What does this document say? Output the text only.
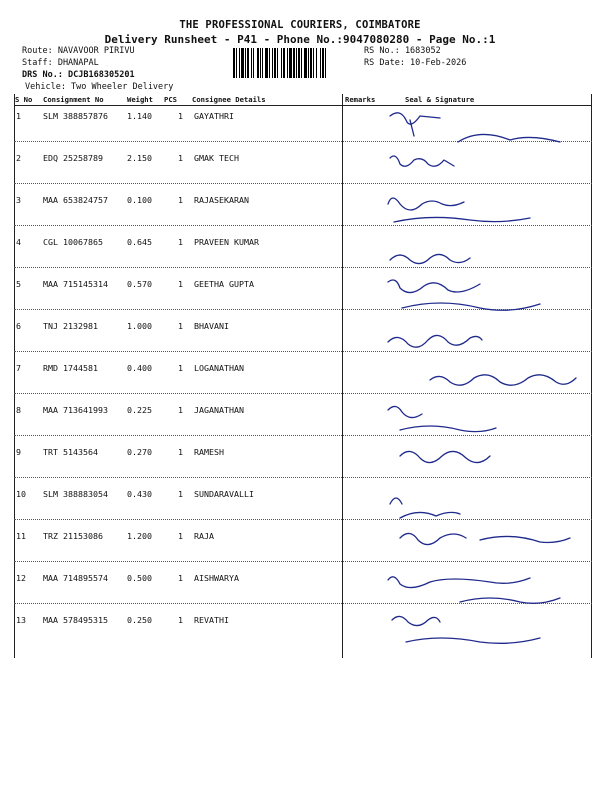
THE PROFESSIONAL COURIERS, COIMBATORE
Delivery Runsheet - P41 - Phone No.:9047080280 - Page No.:1
Route: NAVAVOOR PIRIVU
Staff: DHANAPAL
DRS No.: DCJB168305201
Vehicle: Two Wheeler Delivery
RS No.: 1683052
RS Date: 10-Feb-2026
S No Consignment No	Weight PCS Consignee Details	Remarks	Seal & Signature
1	SLM 388857876 1.140	1 GAYATHRI
2	EDQ 25258789	2.150	1 GMAK TECH
3	MAA 653824757 0.100	1 RAJASEKARAN
4	CGL 10067865	0.645	1 PRAVEEN KUMAR
5	MAA 715145314 0.570	1 GEETHA GUPTA
6	TNJ 2132981	1.000	1 BHAVANI
7	RMD 1744581	0.400	1 LOGANATHAN
8	MAA 713641993 0.225	1 JAGANATHAN
9	TRT 5143564	0.270	1 RAMESH
10 SLM 388883054 0.430	1 SUNDARAVALLI
11 TRZ 21153086	1.200	1 RAJA
12 MAA 714895574 0.500	1 AISHWARYA
13 MAA 578495315 0.250	1 REVATHI
